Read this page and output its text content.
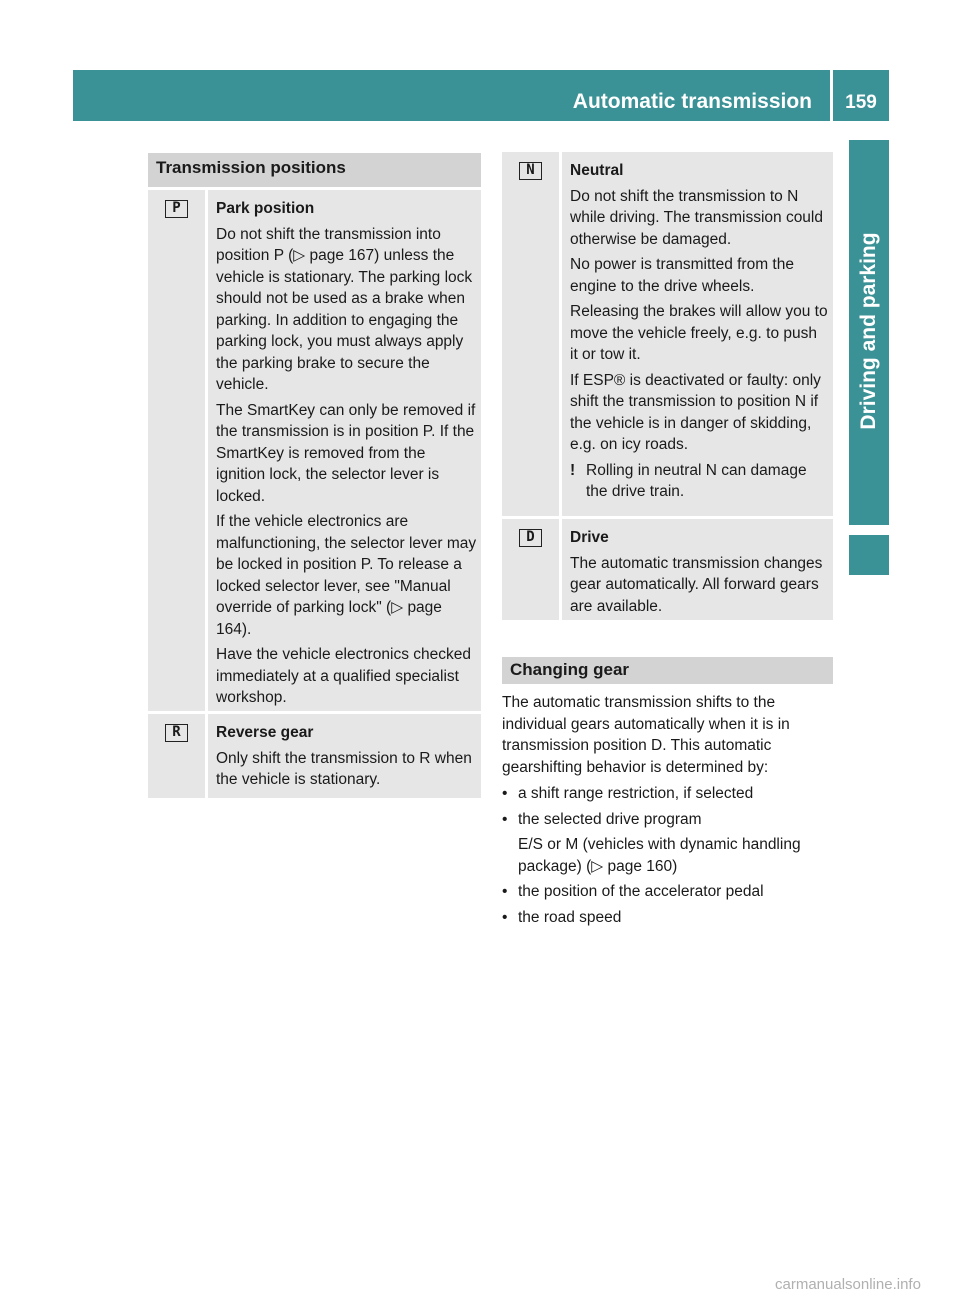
Automatic transmission	159
Driving and parking
Transmission positions
P	Park position
Do not shift the transmission into position P (▷ page 167) unless the vehicle is stationary. The parking lock should not be used as a brake when parking. In addition to engaging the parking lock, you must always apply the parking brake to secure the vehicle.
The SmartKey can only be removed if the transmission is in position P. If the SmartKey is removed from the ignition lock, the selector lever is locked.
If the vehicle electronics are malfunctioning, the selector lever may be locked in position P. To release a locked selector lever, see "Manual override of parking lock" (▷ page 164).
Have the vehicle electronics checked immediately at a qualified specialist workshop.
R	Reverse gear
Only shift the transmission to R when the vehicle is stationary.
N	Neutral
Do not shift the transmission to N while driving. The transmission could otherwise be damaged.
No power is transmitted from the engine to the drive wheels.
Releasing the brakes will allow you to move the vehicle freely, e.g. to push it or tow it.
If ESP® is deactivated or faulty: only shift the transmission to position N if the vehicle is in danger of skidding, e.g. on icy roads.
! Rolling in neutral N can damage the drive train.
D	Drive
The automatic transmission changes gear automatically. All forward gears are available.
Changing gear
The automatic transmission shifts to the individual gears automatically when it is in transmission position D. This automatic gearshifting behavior is determined by:
• a shift range restriction, if selected
• the selected drive program
E/S or M (vehicles with dynamic handling package) (▷ page 160)
• the position of the accelerator pedal
• the road speed
carmanualsonline.info
